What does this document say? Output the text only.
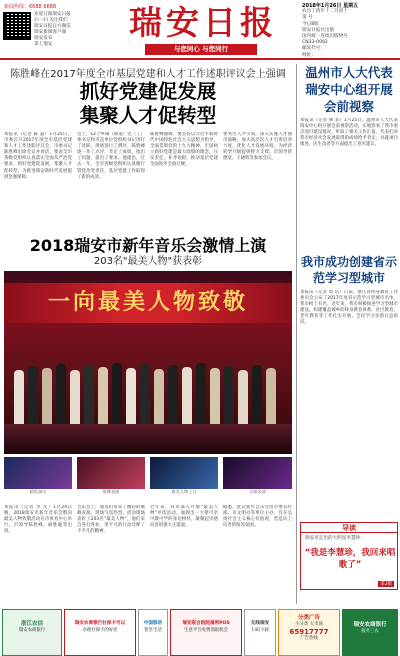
新闻热线：6688 6688
欢迎订阅瑞安日报
扫一扫 关注我们
瑞安日报官方微信
瑞安新闻客户端
瑞安发布
掌上瑞安
瑞安日报
与您同心 与您同行
2018年1月26日 星期五
农历丁酉年十二月初十
第 号
今日8版
瑞安日报社出版
国内统一连续出版物号
CN33-0092
邮发代号：
网址：
陈胜峰在2017年度全市基层党建和人才工作述职评议会上强调
抓好党建促发展
集聚人才促转型
本报讯（记者 陈 晶）1月25日，市委召开2017年度全市基层党建和人才工作述职评议会。市委书记陈胜峰出席会议并讲话，要求全市各级党组织认真落实全面从严治党要求，抓好党建促发展，集聚人才促转型，为推进瑞安新时代发展提供坚强保障。
会上，12个乡镇（街道）党（工）委书记和市直单位党组织书记进行了述职，现场进行了测评。陈胜峰逐一作了点评，肯定了成绩，指出了问题，提出了要求。他指出，过去一年，全市各级党组织认真履行管党治党责任，基层党建工作取得了新的成效。
陈胜峰强调，要坚持以习近平新时代中国特色社会主义思想为指导，全面贯彻党的十九大精神，牢固树立抓好党建是最大政绩的理念，压实责任，补齐短板，推动基层党建全面进步全面过硬。
要突出人才引领，深入实施人才强市战略，加大高层次人才引进培养力度，优化人才发展环境，为经济转型升级提供智力支撑。市领导蒋德宽、王晓辉等参加会议。
2018瑞安市新年音乐会激情上演
203名"最美人物"获表彰
一向最美人物致敬
精彩演出	歌舞表演	最美人物上台	合唱表演
本报讯（记者 李 凡）1月24日晚，2018瑞安市新年音乐会暨向最美人物致敬活动在市体育中心举行。市领导陈胜峰、麻胜聪等出席。
音乐会上，演员们带来了精彩的歌舞表演，现场气氛热烈。活动现场表彰了203名“最美人物”，他们来自各行各业，用平凡的行动诠释了不平凡的精神。
近年来，我市深入开展“最美人物”评选活动，涌现出一大批可亲可敬可学的身边榜样，凝聚起崇德向善的强大正能量。
据悉，此次新年音乐会由市委宣传部、市文明办等单位主办，旨在弘扬社会主义核心价值观，营造向上向善的浓厚氛围。
温州市人大代表瑞安中心组开展会前视察
本报讯（记者 林 菲）1月25日，温州市人大代表瑞安中心组开展会前视察活动，实地察看了我市重点项目建设情况，听取了相关工作汇报。代表们对我市经济社会发展取得的成绩给予肯定，并就项目推进、民生改善等方面提出了意见建议。
我市成功创建省示范学习型城市
本报讯（记者 周 洁）日前，浙江省终身教育工作委员会公布了2017年度省示范学习型城市名单，我市榜上有名。近年来，我市积极推进学习型城市建设，构建覆盖城乡的终身教育体系，社区教育、老年教育等工作扎实开展，全民学习氛围日益浓厚。
导读
瑞安市走出的大明星李慧珍：
“我是李慧珍，我回来唱歌了”
第2版
浙江农信
瑞安农商银行
瑞安农商银行社保卡可以
办理社保卡的好处
中国移动
智享生活
瑞安联合医院福利POS
生意平台免费领取机会
无线瑞安
扫码下载
分类广告
小分类 大市场
65917777
广告热线
瑞安农商银行
服务三农
